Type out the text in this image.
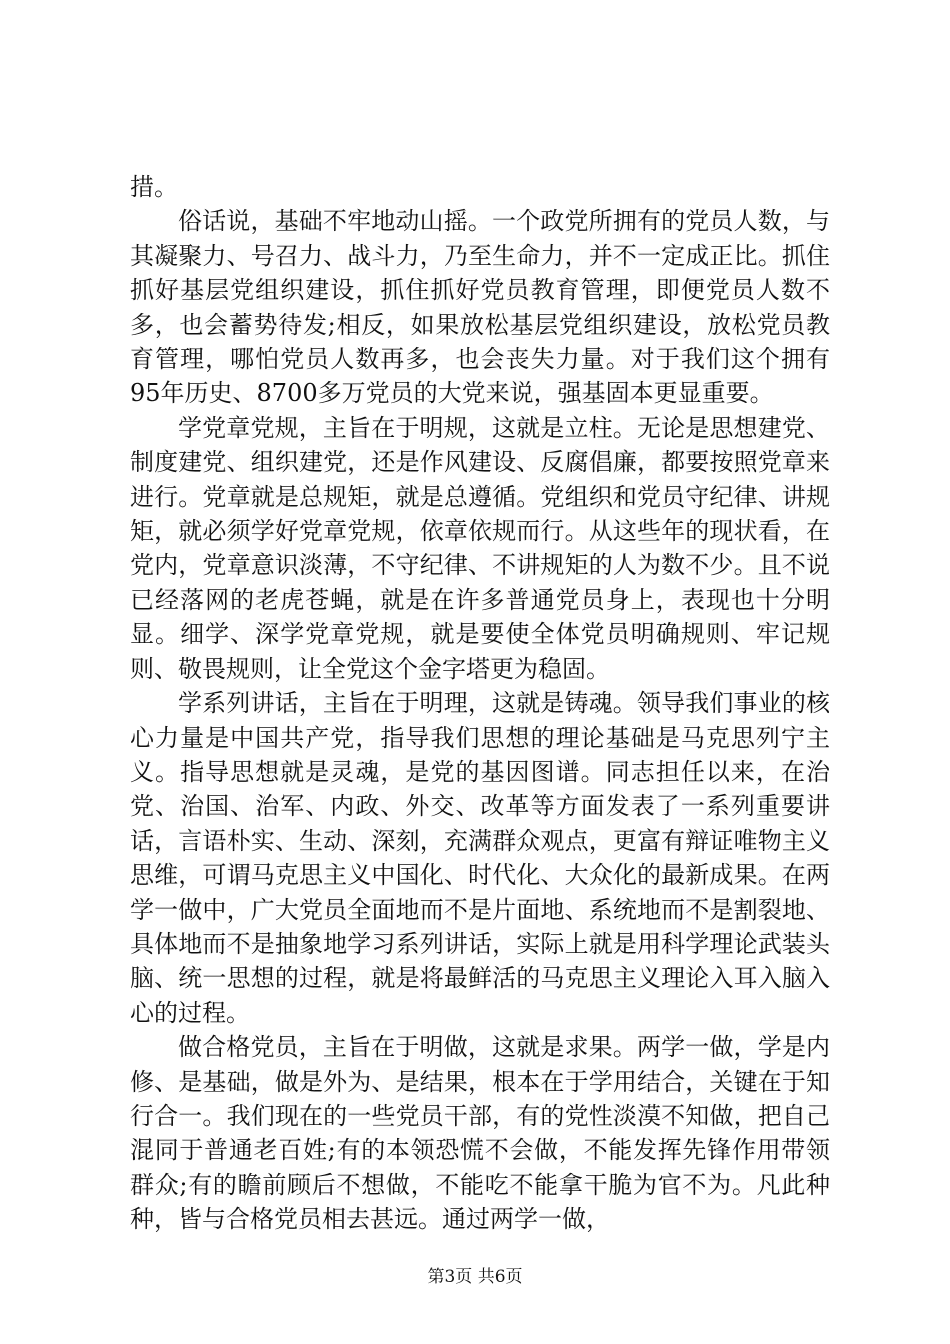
措。

俗话说，基础不牢地动山摇。一个政党所拥有的党员人数，与其凝聚力、号召力、战斗力，乃至生命力，并不一定成正比。抓住抓好基层党组织建设，抓住抓好党员教育管理，即便党员人数不多，也会蓄势待发;相反，如果放松基层党组织建设，放松党员教育管理，哪怕党员人数再多，也会丧失力量。对于我们这个拥有95年历史、8700多万党员的大党来说，强基固本更显重要。

学党章党规，主旨在于明规，这就是立柱。无论是思想建党、制度建党、组织建党，还是作风建设、反腐倡廉，都要按照党章来进行。党章就是总规矩，就是总遵循。党组织和党员守纪律、讲规矩，就必须学好党章党规，依章依规而行。从这些年的现状看，在党内，党章意识淡薄，不守纪律、不讲规矩的人为数不少。且不说已经落网的老虎苍蝇，就是在许多普通党员身上，表现也十分明显。细学、深学党章党规，就是要使全体党员明确规则、牢记规则、敬畏规则，让全党这个金字塔更为稳固。

学系列讲话，主旨在于明理，这就是铸魂。领导我们事业的核心力量是中国共产党，指导我们思想的理论基础是马克思列宁主义。指导思想就是灵魂，是党的基因图谱。同志担任以来，在治党、治国、治军、内政、外交、改革等方面发表了一系列重要讲话，言语朴实、生动、深刻，充满群众观点，更富有辩证唯物主义思维，可谓马克思主义中国化、时代化、大众化的最新成果。在两学一做中，广大党员全面地而不是片面地、系统地而不是割裂地、具体地而不是抽象地学习系列讲话，实际上就是用科学理论武装头脑、统一思想的过程，就是将最鲜活的马克思主义理论入耳入脑入心的过程。

做合格党员，主旨在于明做，这就是求果。两学一做，学是内修、是基础，做是外为、是结果，根本在于学用结合，关键在于知行合一。我们现在的一些党员干部，有的党性淡漠不知做，把自己混同于普通老百姓;有的本领恐慌不会做，不能发挥先锋作用带领群众;有的瞻前顾后不想做，不能吃不能拿干脆为官不为。凡此种种，皆与合格党员相去甚远。通过两学一做，

第3页 共6页
